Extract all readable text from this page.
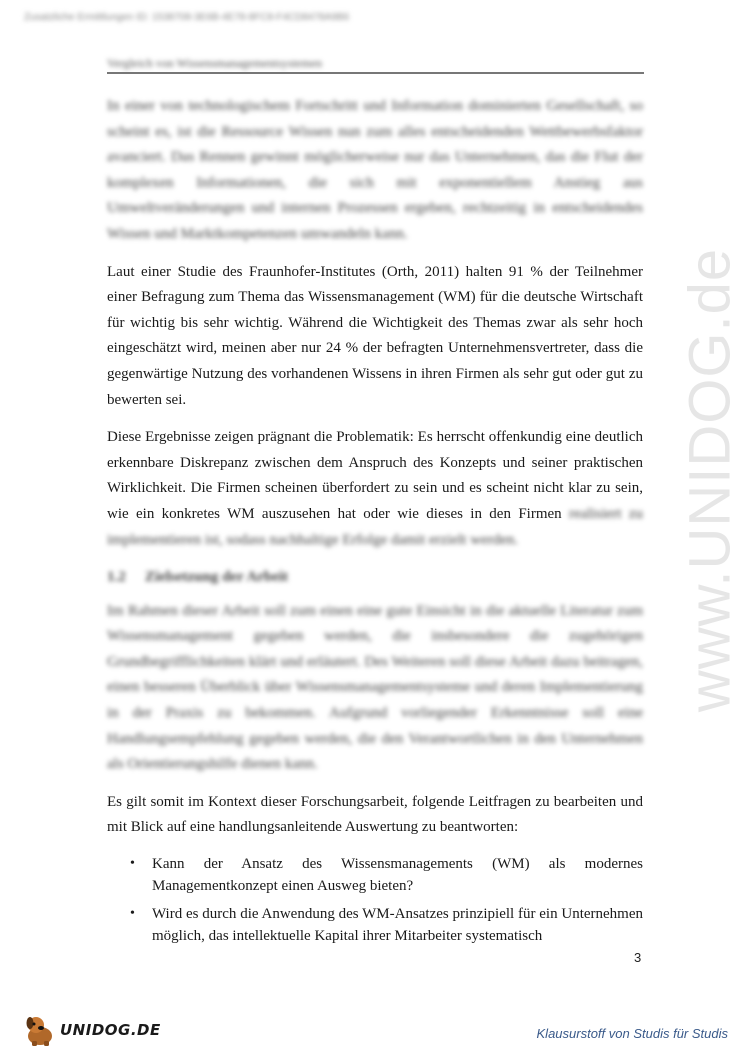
Zusatzliche Ermittlungen ID: 1538708-3E6B-4E78-8FC8-F4CD8478A9B6
Vergleich von Wissensmanagementsystemen
www.UNIDOG.de

In einer von technologischem Fortschritt und Information dominierten Gesellschaft, so scheint es, ist die Ressource Wissen nun zum alles entscheidenden Wettbewerbsfaktor avanciert. Das Rennen gewinnt möglicherweise nur das Unternehmen, das die Flut der komplexen Informationen, die sich mit exponentiellem Anstieg aus Umweltveränderungen und internen Prozessen ergeben, rechtzeitig in entscheidendes Wissen und Marktkompetenzen umwandeln kann.

Laut einer Studie des Fraunhofer-Institutes (Orth, 2011) halten 91 % der Teilnehmer einer Befragung zum Thema das Wissensmanagement (WM) für die deutsche Wirtschaft für wichtig bis sehr wichtig. Während die Wichtigkeit des Themas zwar als sehr hoch eingeschätzt wird, meinen aber nur 24 % der befragten Unternehmensvertreter, dass die gegenwärtige Nutzung des vorhandenen Wissens in ihren Firmen als sehr gut oder gut zu bewerten sei.

Diese Ergebnisse zeigen prägnant die Problematik: Es herrscht offenkundig eine deutlich erkennbare Diskrepanz zwischen dem Anspruch des Konzepts und seiner praktischen Wirklichkeit. Die Firmen scheinen überfordert zu sein und es scheint nicht klar zu sein, wie ein konkretes WM auszusehen hat oder wie dieses in den Firmen realisiert zu implementieren ist, sodass nachhaltige Erfolge damit erzielt werden.

1.2 Zielsetzung der Arbeit

Im Rahmen dieser Arbeit soll zum einen eine gute Einsicht in die aktuelle Literatur zum Wissensmanagement gegeben werden, die insbesondere die zugehörigen Grundbegrifflichkeiten klärt und erläutert. Des Weiteren soll diese Arbeit dazu beitragen, einen besseren Überblick über Wissensmanagementsysteme und deren Implementierung in der Praxis zu bekommen. Aufgrund vorliegender Erkenntnisse soll eine Handlungsempfehlung gegeben werden, die den Verantwortlichen in den Unternehmen als Orientierungshilfe dienen kann.

Es gilt somit im Kontext dieser Forschungsarbeit, folgende Leitfragen zu bearbeiten und mit Blick auf eine handlungsanleitende Auswertung zu beantworten:

• Kann der Ansatz des Wissensmanagements (WM) als modernes Managementkonzept einen Ausweg bieten?
• Wird es durch die Anwendung des WM-Ansatzes prinzipiell für ein Unternehmen möglich, das intellektuelle Kapital ihrer Mitarbeiter systematisch
3
UNIDOG.DE	Klausurstoff von Studis für Studis
